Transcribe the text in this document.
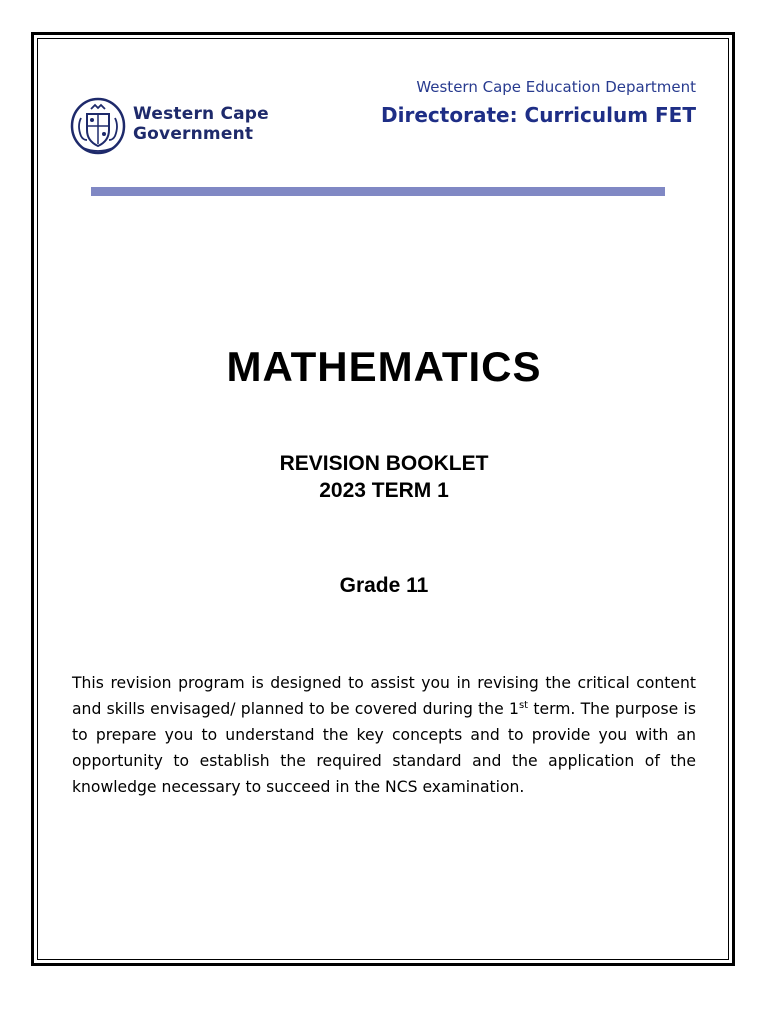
Western Cape
Government
Western Cape Education Department
Directorate: Curriculum FET
MATHEMATICS
REVISION BOOKLET
2023 TERM 1
Grade 11
This revision program is designed to assist you in revising the critical content and skills envisaged/ planned to be covered during the 1st term. The purpose is to prepare you to understand the key concepts and to provide you with an opportunity to establish the required standard and the application of the knowledge necessary to succeed in the NCS examination.
